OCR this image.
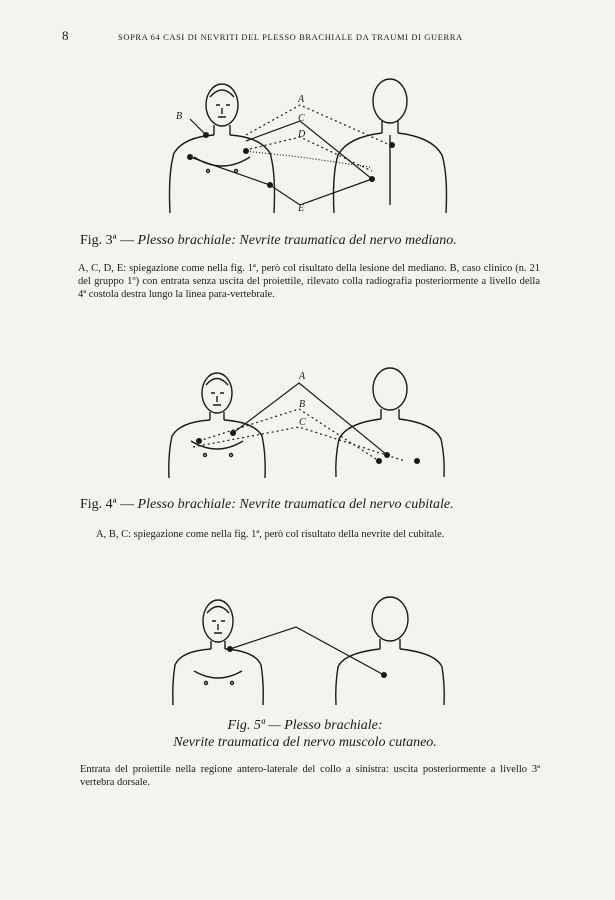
8	SOPRA 64 CASI DI NEVRITI DEL PLESSO BRACHIALE DA TRAUMI DI GUERRA
A
B	C
D
E
Fig. 3ª — Plesso brachiale: Nevrite traumatica del nervo mediano.
A, C, D, E: spiegazione come nella fig. 1ª, però col risultato della lesione del mediano. B, caso clinico (n. 21 del gruppo 1º) con entrata senza uscita del proiettile, rilevato colla radiografia posteriormente a livello della 4ª costola destra lungo la linea para-vertebrale.
A
B
C
Fig. 4ª — Plesso brachiale: Nevrite traumatica del nervo cubitale.
A, B, C: spiegazione come nella fig. 1ª, però col risultato della nevrite del cubitale.
Fig. 5ª — Plesso brachiale:
Nevrite traumatica del nervo muscolo cutaneo.
Entrata del proiettile nella regione antero-laterale del collo a sinistra: uscita posteriormente a livello 3ª vertebra dorsale.
